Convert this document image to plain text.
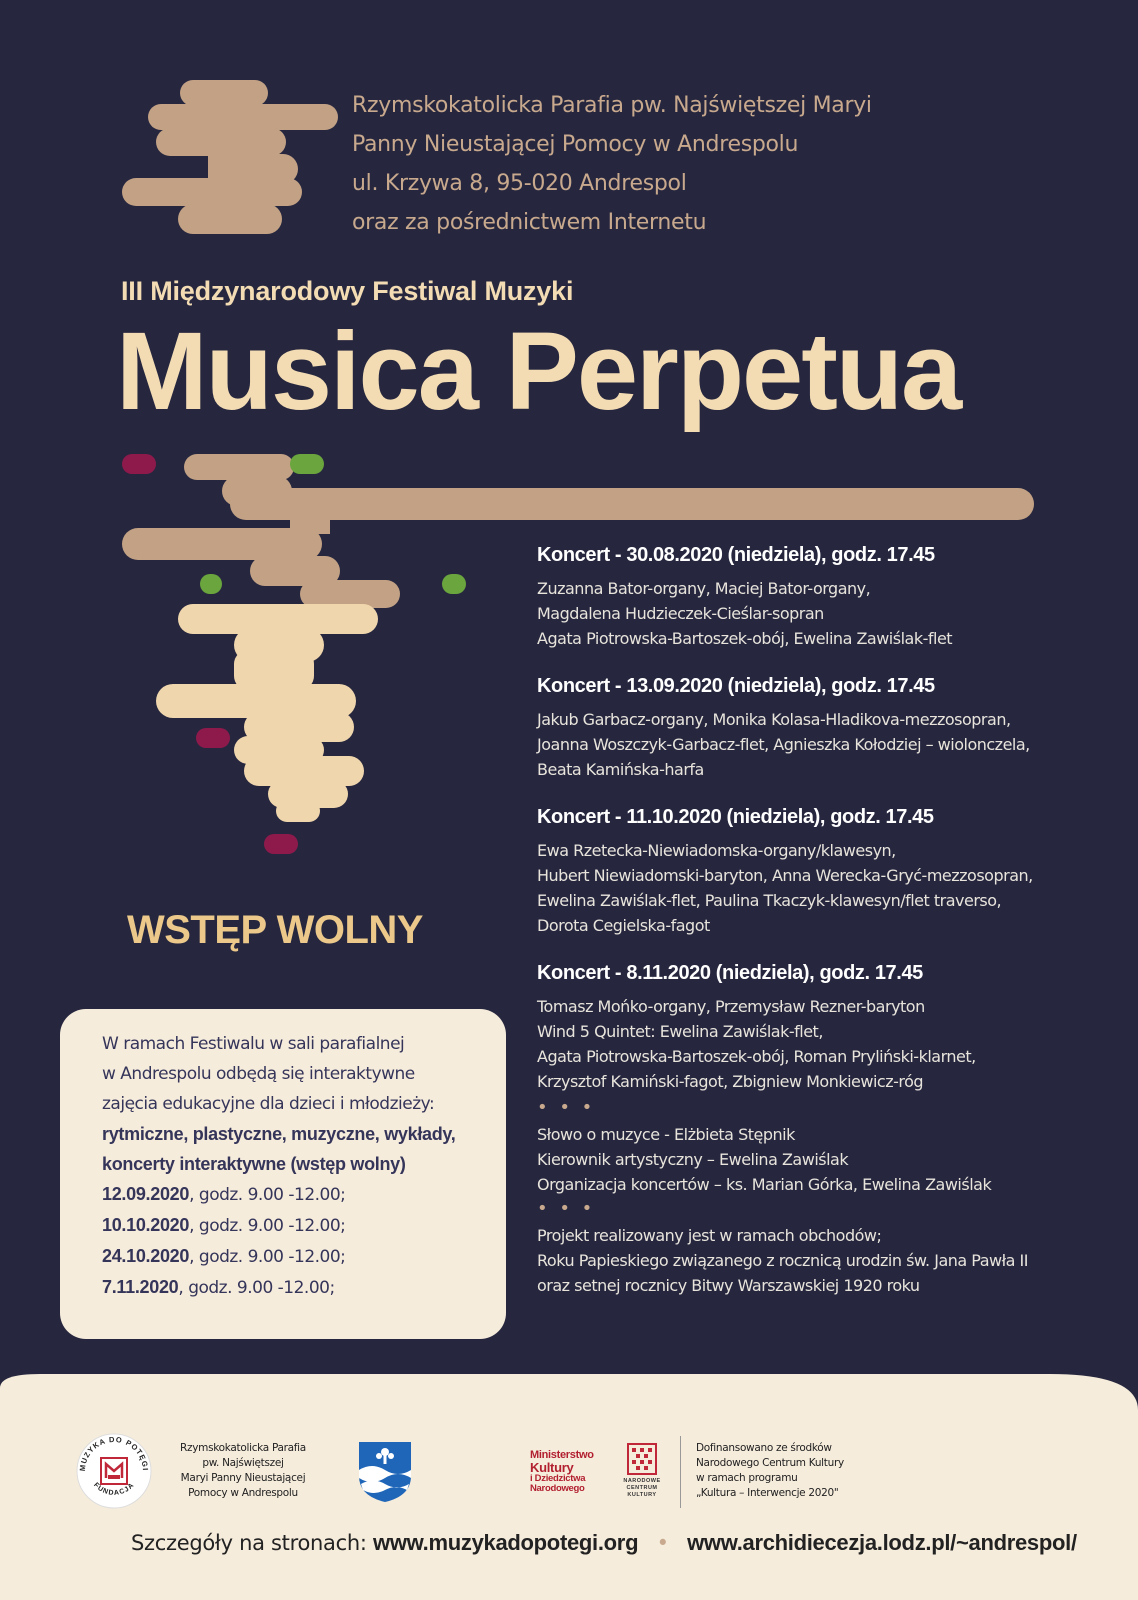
Rzymskokatolicka Parafia pw. Najświętszej Maryi
Panny Nieustającej Pomocy w Andrespolu
ul. Krzywa 8, 95-020 Andrespol
oraz za pośrednictwem Internetu
III Międzynarodowy Festiwal Muzyki
Musica Perpetua
WSTĘP WOLNY
Koncert - 30.08.2020 (niedziela), godz. 17.45
Zuzanna Bator-organy, Maciej Bator-organy,
Magdalena Hudzieczek-Cieślar-sopran
Agata Piotrowska-Bartoszek-obój, Ewelina Zawiślak-flet
Koncert - 13.09.2020 (niedziela), godz. 17.45
Jakub Garbacz-organy, Monika Kolasa-Hladikova-mezzosopran,
Joanna Woszczyk-Garbacz-flet, Agnieszka Kołodziej – wiolonczela,
Beata Kamińska-harfa
Koncert - 11.10.2020 (niedziela), godz. 17.45
Ewa Rzetecka-Niewiadomska-organy/klawesyn,
Hubert Niewiadomski-baryton, Anna Werecka-Gryć-mezzosopran,
Ewelina Zawiślak-flet, Paulina Tkaczyk-klawesyn/flet traverso,
Dorota Cegielska-fagot
Koncert - 8.11.2020 (niedziela), godz. 17.45
Tomasz Mońko-organy, Przemysław Rezner-baryton
Wind 5 Quintet: Ewelina Zawiślak-flet,
Agata Piotrowska-Bartoszek-obój, Roman Pryliński-klarnet,
Krzysztof Kamiński-fagot, Zbigniew Monkiewicz-róg
• • •
Słowo o muzyce - Elżbieta Stępnik
Kierownik artystyczny – Ewelina Zawiślak
Organizacja koncertów – ks. Marian Górka, Ewelina Zawiślak
• • •
Projekt realizowany jest w ramach obchodów;
Roku Papieskiego związanego z rocznicą urodzin św. Jana Pawła II
oraz setnej rocznicy Bitwy Warszawskiej 1920 roku
W ramach Festiwalu w sali parafialnej
w Andrespolu odbędą się interaktywne
zajęcia edukacyjne dla dzieci i młodzieży:
rytmiczne, plastyczne, muzyczne, wykłady,
koncerty interaktywne (wstęp wolny)
12.09.2020, godz. 9.00 -12.00;
10.10.2020, godz. 9.00 -12.00;
24.10.2020, godz. 9.00 -12.00;
7.11.2020, godz. 9.00 -12.00;
MUZYKA DO POTĘGI
FUNDACJA
Rzymskokatolicka Parafia
pw. Najświętszej
Maryi Panny Nieustającej
Pomocy w Andrespolu
Ministerstwo
Kultury
i Dziedzictwa
Narodowego
NARODOWE CENTRUM KULTURY
Dofinansowano ze środków
Narodowego Centrum Kultury
w ramach programu
„Kultura – Interwencje 2020"
Szczegóły na stronach: www.muzykadopotegi.org • www.archidiecezja.lodz.pl/~andrespol/
